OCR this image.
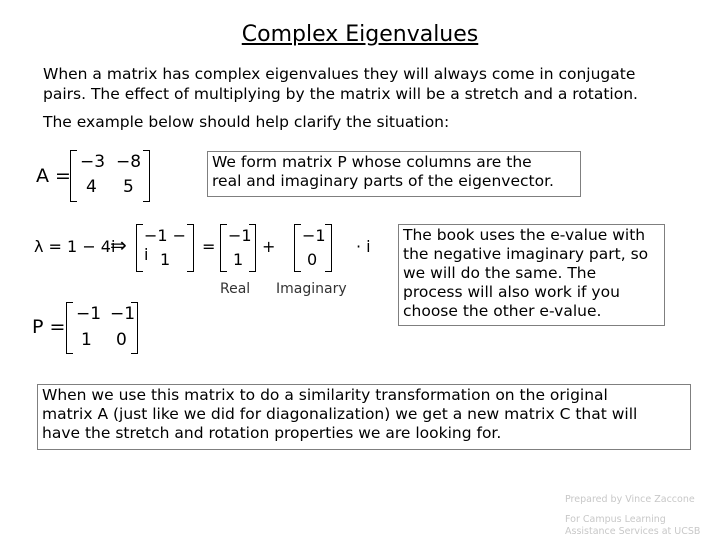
Complex Eigenvalues
When a matrix has complex eigenvalues they will always come in conjugate
pairs. The effect of multiplying by the matrix will be a stretch and a rotation.
The example below should help clarify the situation:
A =
−3 −8
4 5
We form matrix P whose columns are the
real and imaginary parts of the eigenvector.
λ = 1 − 4i
⇒ −1 − i 1
=
−1
1
+
−1
0
· i
Real Imaginary
The book uses the e-value with
the negative imaginary part, so
we will do the same. The
process will also work if you
choose the other e-value.
P =
−1 −1
1 0
When we use this matrix to do a similarity transformation on the original
matrix A (just like we did for diagonalization) we get a new matrix C that will
have the stretch and rotation properties we are looking for.
Prepared by Vince Zaccone
For Campus Learning
Assistance Services at UCSB
